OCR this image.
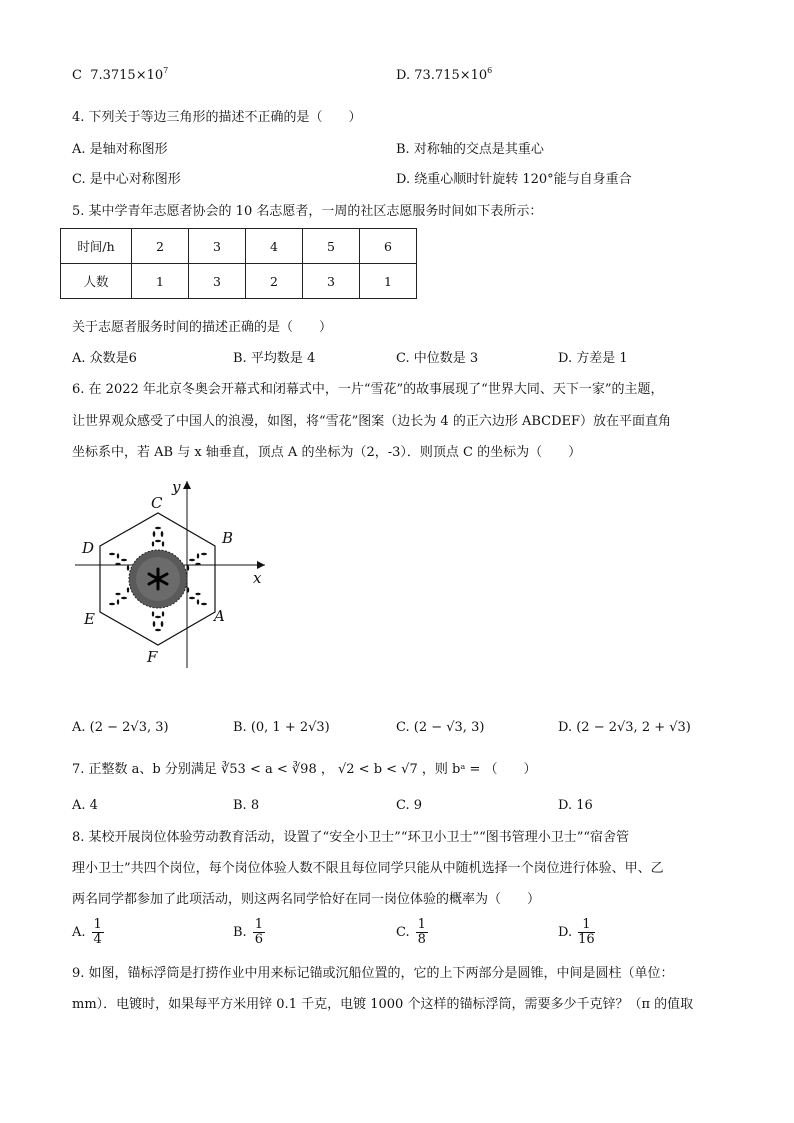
C $7.3715\times 10^7$	D. $73.715\times 10^6$
4. 下列关于等边三角形的描述不正确的是（　　）
A. 是轴对称图形	B. 对称轴的交点是其重心
C. 是中心对称图形	D. 绕重心顺时针旋转 120°能与自身重合
5. 某中学青年志愿者协会的 10 名志愿者，一周的社区志愿服务时间如下表所示：
时间/h	2	3	4	5	6
人数	1	3	2	3	1
关于志愿者服务时间的描述正确的是（　　）
A. 众数是6	B. 平均数是 4	C. 中位数是 3	D. 方差是 1
6. 在 2022 年北京冬奥会开幕式和闭幕式中，一片“雪花”的故事展现了“世界大同、天下一家”的主题，
让世界观众感受了中国人的浪漫，如图，将“雪花”图案（边长为 4 的正六边形 ABCDEF）放在平面直角
坐标系中，若 AB 与 x 轴垂直，顶点 A 的坐标为（2，-3）．则顶点 C 的坐标为（　　）
y
x
C
B
D
E	A
F
A. (2 − 2√3, 3)	B. (0, 1 + 2√3)	C. (2 − √3, 3)	D. (2 − 2√3, 2 + √3)
7. 正整数 a、b 分别满足 ∛53 < a < ∛98 ， √2 < b < √7 ，则 bᵃ = （　　）
A. 4	B. 8	C. 9	D. 16
8. 某校开展岗位体验劳动教育活动，设置了“安全小卫士”“环卫小卫士”“图书管理小卫士”“宿舍管
理小卫士”共四个岗位，每个岗位体验人数不限且每位同学只能从中随机选择一个岗位进行体验、甲、乙
两名同学都参加了此项活动，则这两名同学恰好在同一岗位体验的概率为（　　）
A. $\frac{1}{4}$	B. $\frac{1}{6}$	C. $\frac{1}{8}$	D. $\frac{1}{16}$
9. 如图，锚标浮筒是打捞作业中用来标记锚或沉船位置的，它的上下两部分是圆锥，中间是圆柱（单位：
mm）．电镀时，如果每平方米用锌 0.1 千克，电镀 1000 个这样的锚标浮筒，需要多少千克锌？（π 的值取
